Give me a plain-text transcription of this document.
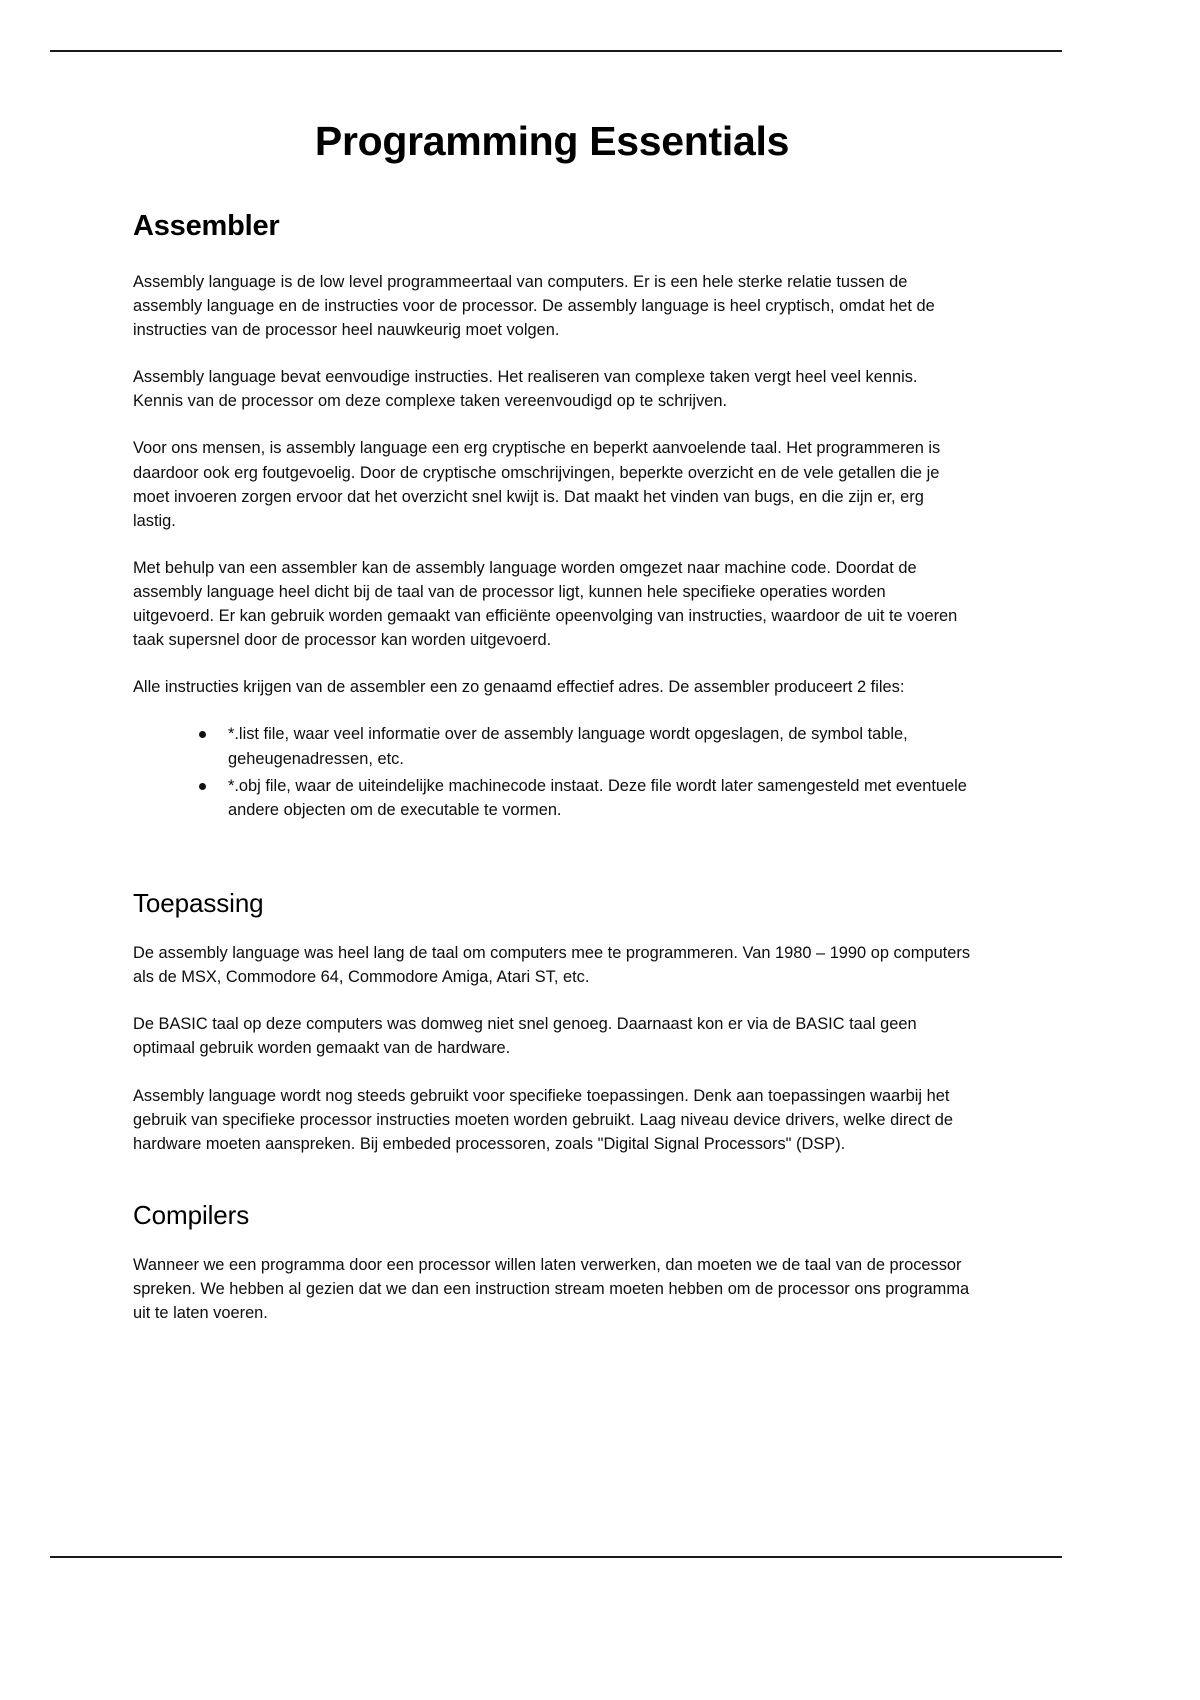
Programming Essentials
Assembler

Assembly language is de low level programmeertaal van computers. Er is een hele sterke relatie tussen de assembly language en de instructies voor de processor. De assembly language is heel cryptisch, omdat het de instructies van de processor heel nauwkeurig moet volgen.

Assembly language bevat eenvoudige instructies. Het realiseren van complexe taken vergt heel veel kennis. Kennis van de processor om deze complexe taken vereenvoudigd op te schrijven.

Voor ons mensen, is assembly language een erg cryptische en beperkt aanvoelende taal. Het programmeren is daardoor ook erg foutgevoelig. Door de cryptische omschrijvingen, beperkte overzicht en de vele getallen die je moet invoeren zorgen ervoor dat het overzicht snel kwijt is. Dat maakt het vinden van bugs, en die zijn er, erg lastig.

Met behulp van een assembler kan de assembly language worden omgezet naar machine code. Doordat de assembly language heel dicht bij de taal van de processor ligt, kunnen hele specifieke operaties worden uitgevoerd. Er kan gebruik worden gemaakt van efficiënte opeenvolging van instructies, waardoor de uit te voeren taak supersnel door de processor kan worden uitgevoerd.

Alle instructies krijgen van de assembler een zo genaamd effectief adres. De assembler produceert 2 files:

*.list file, waar veel informatie over de assembly language wordt opgeslagen, de symbol table, geheugenadressen, etc.
*.obj file, waar de uiteindelijke machinecode instaat. Deze file wordt later samengesteld met eventuele andere objecten om de executable te vormen.
Toepassing

De assembly language was heel lang de taal om computers mee te programmeren. Van 1980 – 1990 op computers als de MSX, Commodore 64, Commodore Amiga, Atari ST, etc.

De BASIC taal op deze computers was domweg niet snel genoeg. Daarnaast kon er via de BASIC taal geen optimaal gebruik worden gemaakt van de hardware.

Assembly language wordt nog steeds gebruikt voor specifieke toepassingen. Denk aan toepassingen waarbij het gebruik van specifieke processor instructies moeten worden gebruikt. Laag niveau device drivers, welke direct de hardware moeten aanspreken. Bij embeded processoren, zoals "Digital Signal Processors" (DSP).

Compilers

Wanneer we een programma door een processor willen laten verwerken, dan moeten we de taal van de processor spreken. We hebben al gezien dat we dan een instruction stream moeten hebben om de processor ons programma uit te laten voeren.
